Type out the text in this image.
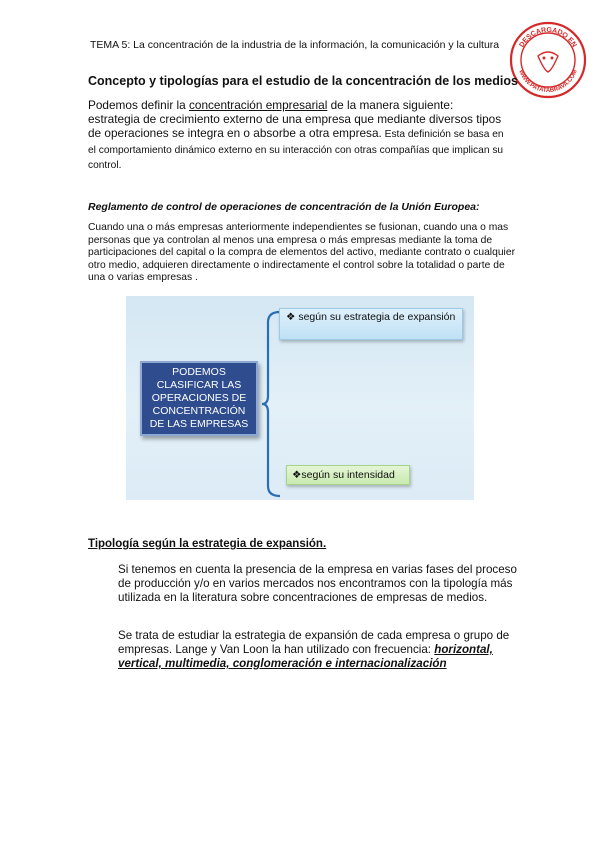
TEMA 5: La concentración de la industria de la información, la comunicación y la cultura	DESCARGADO EN
WWW.PATATABRAVA.COM
Concepto y tipologías para el estudio de la concentración de los medios
Podemos definir la concentración empresarial de la manera siguiente: estrategia de crecimiento externo de una empresa que mediante diversos tipos de operaciones se integra en o absorbe a otra empresa. Esta definición se basa en el comportamiento dinámico externo en su interacción con otras compañías que implican su control.
Reglamento de control de operaciones de concentración de la Unión Europea:
Cuando una o más empresas anteriormente independientes se fusionan, cuando una o mas personas que ya controlan al menos una empresa o más empresas mediante la toma de participaciones del capital o la compra de elementos del activo, mediante contrato o cualquier otro medio, adquieren directamente o indirectamente el control sobre la totalidad o parte de una o varias empresas .
PODEMOS CLASIFICAR LAS OPERACIONES DE CONCENTRACIÓN DE LAS EMPRESAS
❖ según su estrategia de expansión
❖según su intensidad
Tipología según la estrategia de expansión.
Si tenemos en cuenta la presencia de la empresa en varias fases del proceso de producción y/o en varios mercados nos encontramos con la tipología más utilizada en la literatura sobre concentraciones de empresas de medios.
Se trata de estudiar la estrategia de expansión de cada empresa o grupo de empresas. Lange y Van Loon la han utilizado con frecuencia: horizontal, vertical, multimedia, conglomeración e internacionalización
